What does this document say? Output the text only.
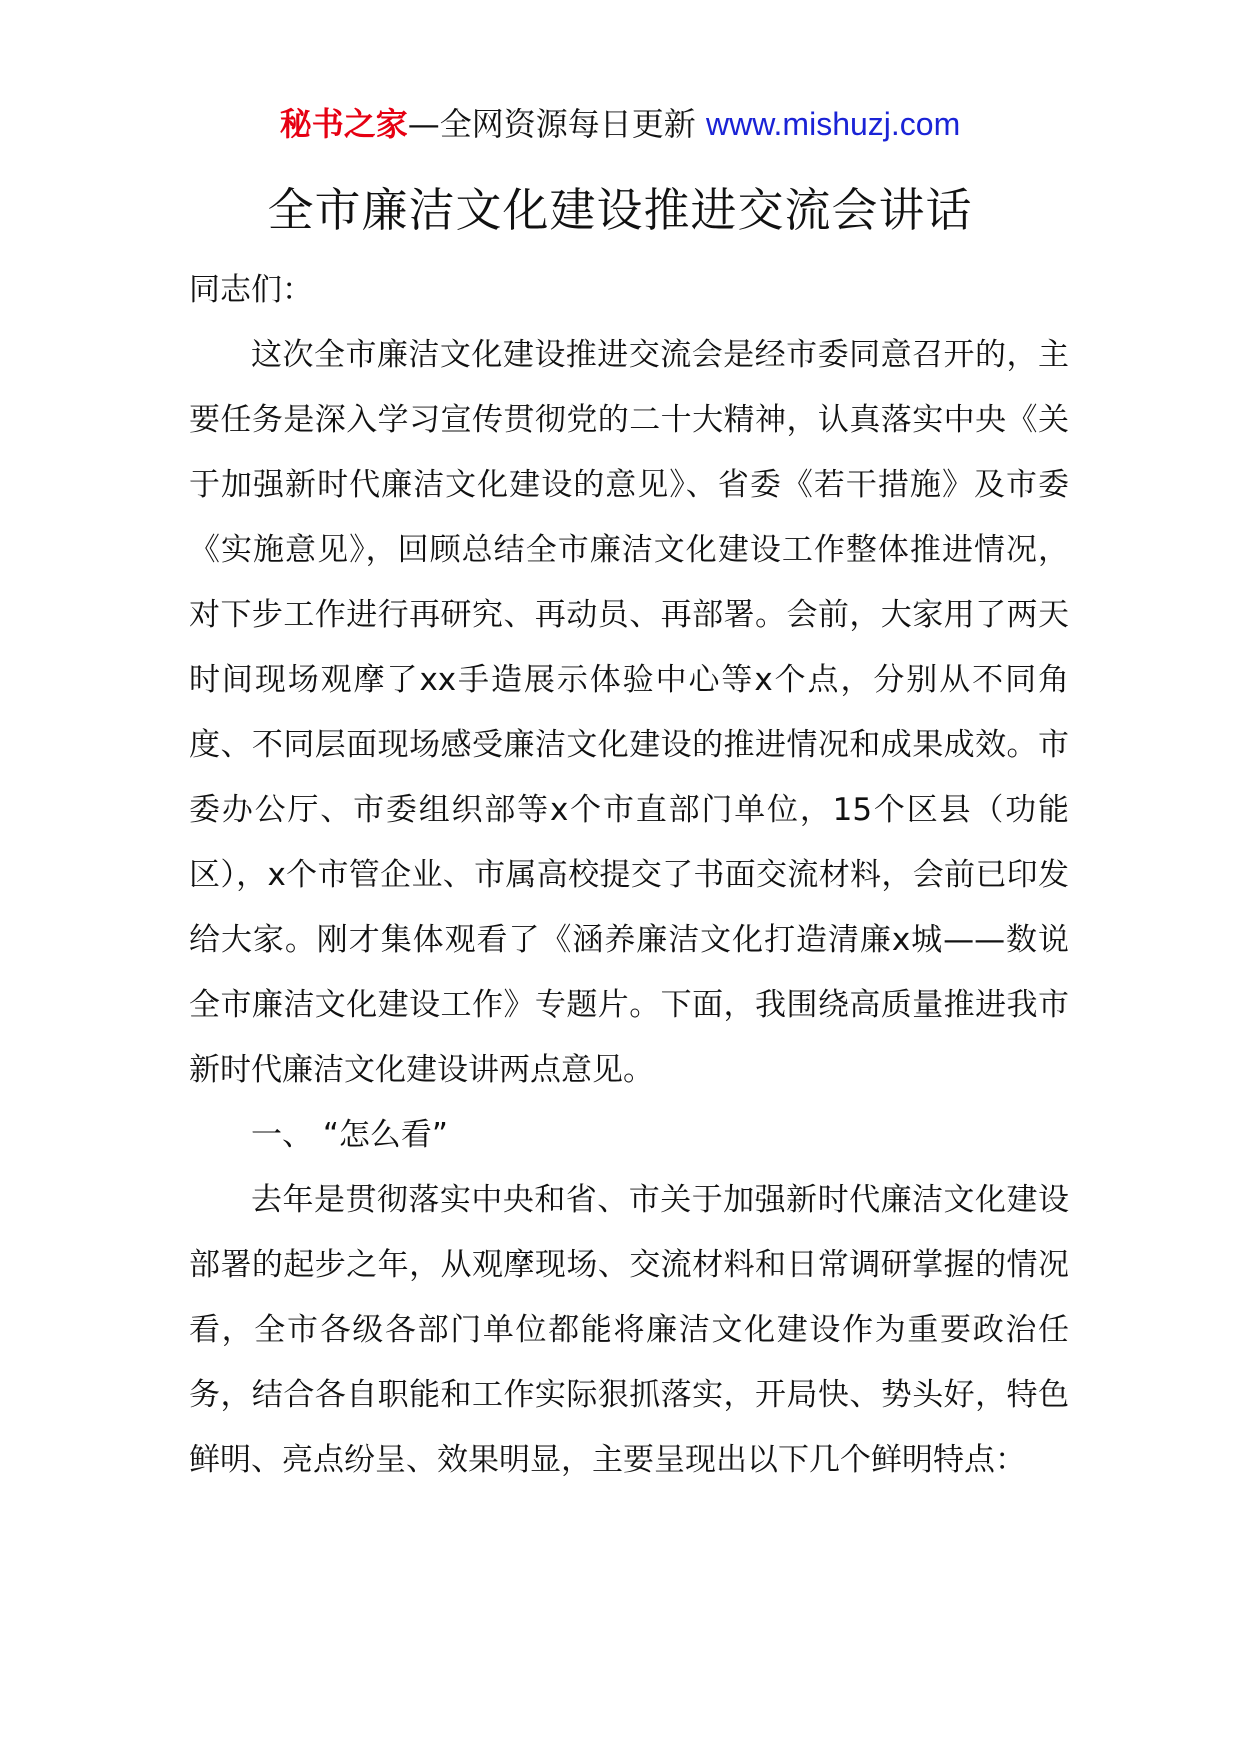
秘书之家—全网资源每日更新 www.mishuzj.com
全市廉洁文化建设推进交流会讲话

同志们：

这次全市廉洁文化建设推进交流会是经市委同意召开的，主要任务是深入学习宣传贯彻党的二十大精神，认真落实中央《关于加强新时代廉洁文化建设的意见》、省委《若干措施》及市委《实施意见》，回顾总结全市廉洁文化建设工作整体推进情况，对下步工作进行再研究、再动员、再部署。会前，大家用了两天时间现场观摩了xx手造展示体验中心等x个点，分别从不同角度、不同层面现场感受廉洁文化建设的推进情况和成果成效。市委办公厅、市委组织部等x个市直部门单位，15个区县（功能区），x个市管企业、市属高校提交了书面交流材料，会前已印发给大家。刚才集体观看了《涵养廉洁文化打造清廉x城——数说全市廉洁文化建设工作》专题片。下面，我围绕高质量推进我市新时代廉洁文化建设讲两点意见。

一、 “怎么看”

去年是贯彻落实中央和省、市关于加强新时代廉洁文化建设部署的起步之年，从观摩现场、交流材料和日常调研掌握的情况看，全市各级各部门单位都能将廉洁文化建设作为重要政治任务，结合各自职能和工作实际狠抓落实，开局快、势头好，特色鲜明、亮点纷呈、效果明显，主要呈现出以下几个鲜明特点：
